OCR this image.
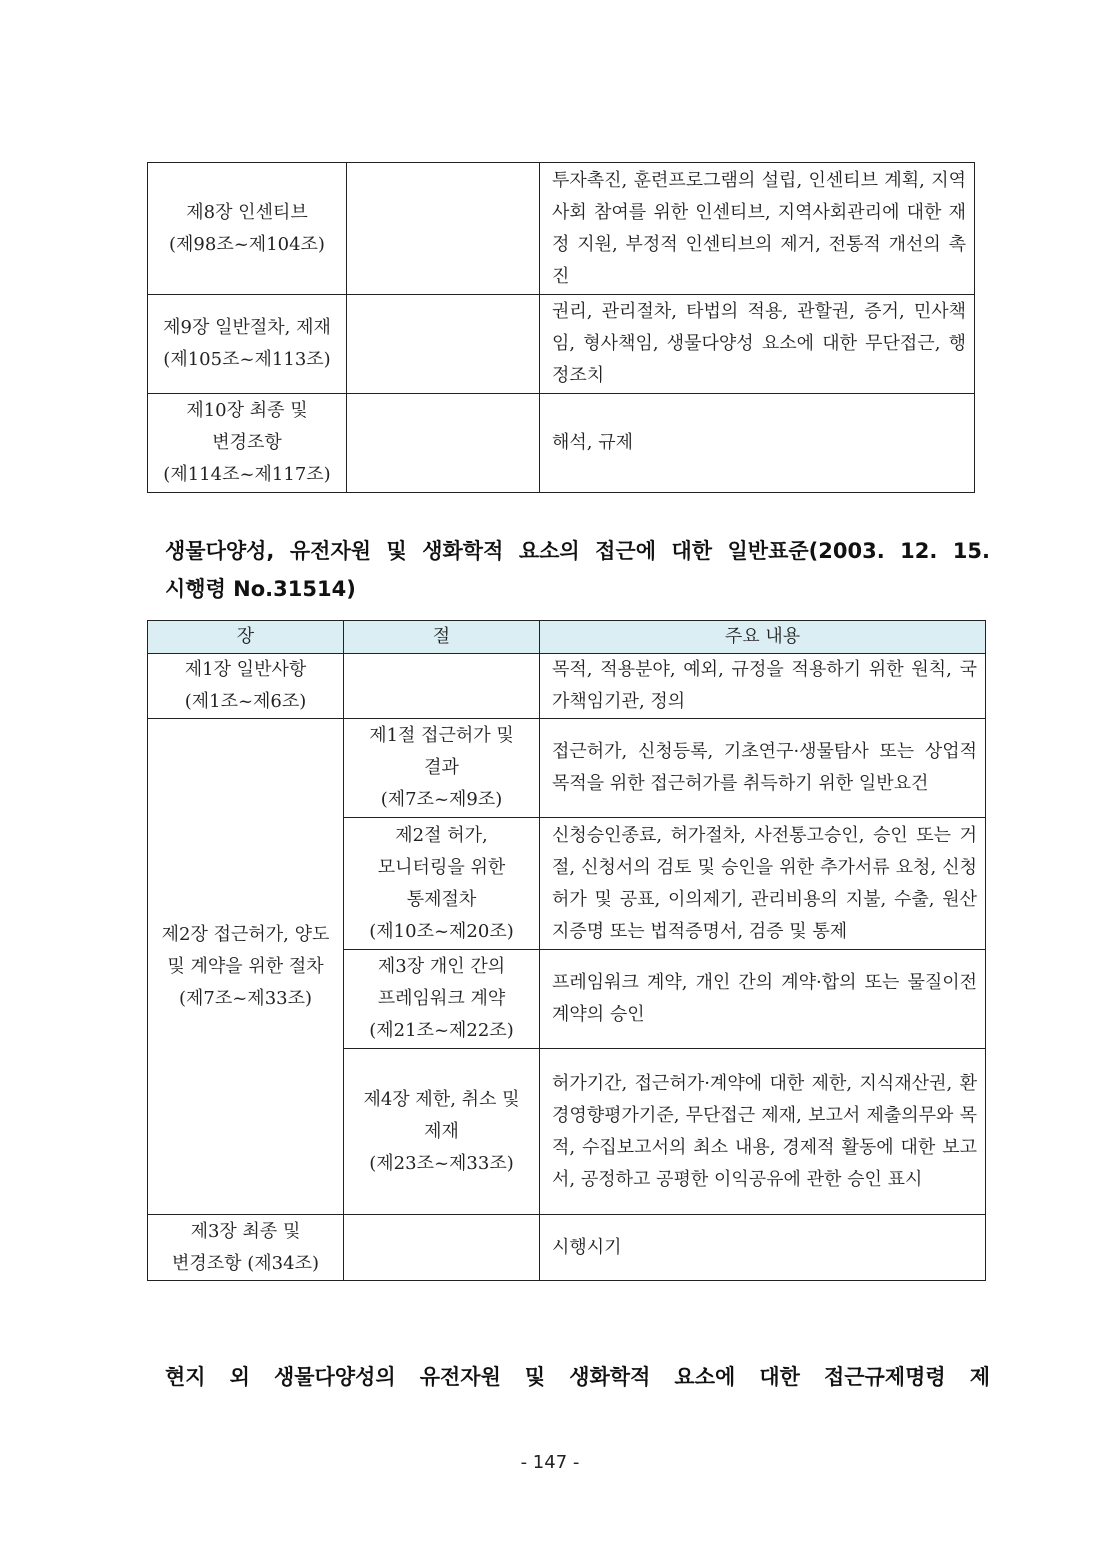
제8장 인센티브
(제98조~제104조)		투자촉진, 훈련프로그램의 설립, 인센티브 계획, 지역사회 참여를 위한 인센티브, 지역사회관리에 대한 재정 지원, 부정적 인센티브의 제거, 전통적 개선의 촉진
제9장 일반절차, 제재
(제105조~제113조)		권리, 관리절차, 타법의 적용, 관할권, 증거, 민사책임, 형사책임, 생물다양성 요소에 대한 무단접근, 행정조치
제10장 최종 및
변경조항
(제114조~제117조)		해석, 규제
생물다양성, 유전자원 및 생화학적 요소의 접근에 대한 일반표준(2003. 12. 15.
시행령 No.31514)
장	절	주요 내용
제1장 일반사항
(제1조~제6조)		목적, 적용분야, 예외, 규정을 적용하기 위한 원칙, 국가책임기관, 정의
제2장 접근허가, 양도
및 계약을 위한 절차
(제7조~제33조)	제1절 접근허가 및
결과
(제7조~제9조)	접근허가, 신청등록, 기초연구·생물탐사 또는 상업적 목적을 위한 접근허가를 취득하기 위한 일반요건
	제2절 허가,
모니터링을 위한
통제절차
(제10조~제20조)	신청승인종료, 허가절차, 사전통고승인, 승인 또는 거절, 신청서의 검토 및 승인을 위한 추가서류 요청, 신청허가 및 공표, 이의제기, 관리비용의 지불, 수출, 원산지증명 또는 법적증명서, 검증 및 통제
	제3장 개인 간의
프레임워크 계약
(제21조~제22조)	프레임워크 계약, 개인 간의 계약·합의 또는 물질이전계약의 승인
	제4장 제한, 취소 및
제재
(제23조~제33조)	허가기간, 접근허가·계약에 대한 제한, 지식재산권, 환경영향평가기준, 무단접근 제재, 보고서 제출의무와 목적, 수집보고서의 최소 내용, 경제적 활동에 대한 보고서, 공정하고 공평한 이익공유에 관한 승인 표시
제3장 최종 및
변경조항 (제34조)		시행시기
현지 외 생물다양성의 유전자원 및 생화학적 요소에 대한 접근규제명령 제
- 147 -
